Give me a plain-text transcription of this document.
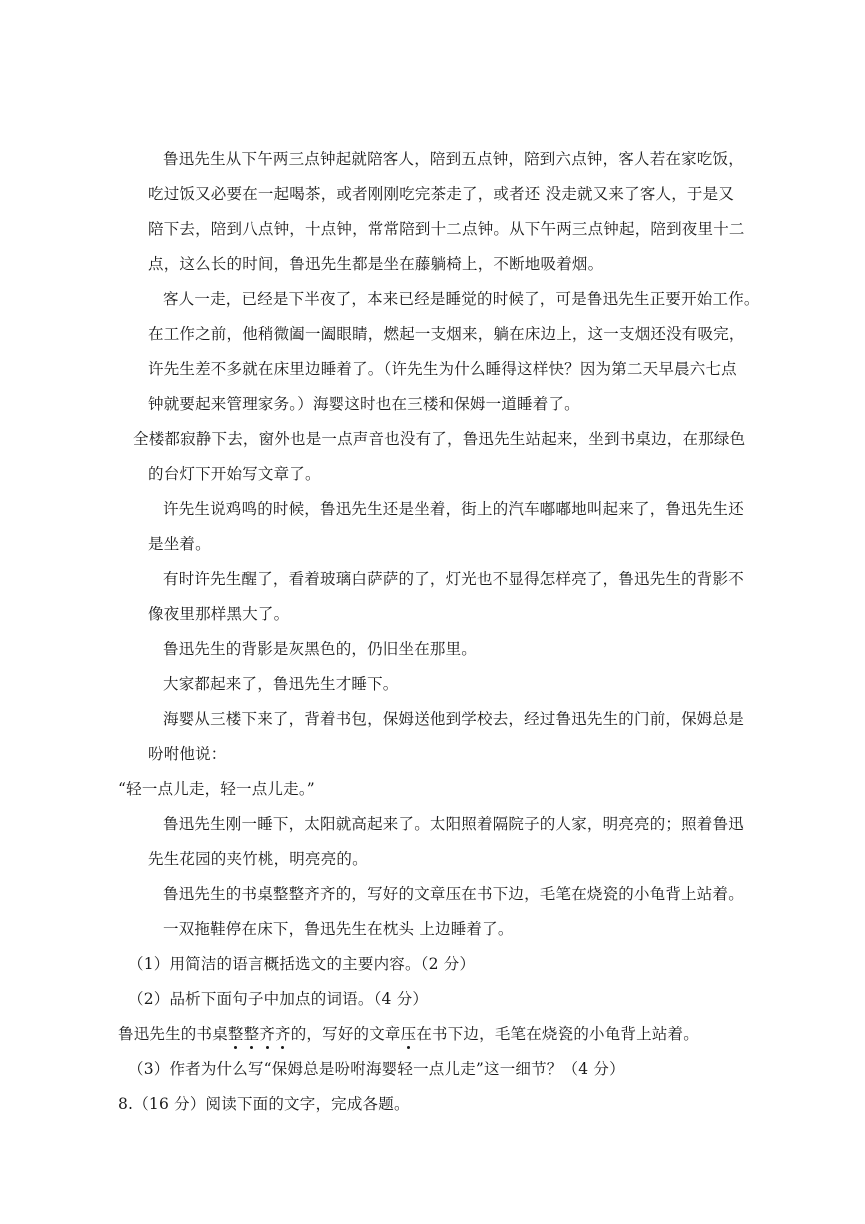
鲁迅先生从下午两三点钟起就陪客人，陪到五点钟，陪到六点钟，客人若在家吃饭，
吃过饭又必要在一起喝茶，或者刚刚吃完茶走了，或者还 没走就又来了客人，于是又
陪下去，陪到八点钟，十点钟，常常陪到十二点钟。从下午两三点钟起，陪到夜里十二
点，这么长的时间，鲁迅先生都是坐在藤躺椅上，不断地吸着烟。
客人一走，已经是下半夜了，本来已经是睡觉的时候了，可是鲁迅先生正要开始工作。
在工作之前，他稍微阖一阖眼睛，燃起一支烟来，躺在床边上，这一支烟还没有吸完，
许先生差不多就在床里边睡着了。（许先生为什么睡得这样快？因为第二天早晨六七点
钟就要起来管理家务。）海婴这时也在三楼和保姆一道睡着了。
全楼都寂静下去，窗外也是一点声音也没有了，鲁迅先生站起来，坐到书桌边，在那绿色
的台灯下开始写文章了。
许先生说鸡鸣的时候，鲁迅先生还是坐着，街上的汽车嘟嘟地叫起来了，鲁迅先生还
是坐着。
有时许先生醒了，看着玻璃白萨萨的了，灯光也不显得怎样亮了，鲁迅先生的背影不
像夜里那样黑大了。
鲁迅先生的背影是灰黑色的，仍旧坐在那里。
大家都起来了，鲁迅先生才睡下。
海婴从三楼下来了，背着书包，保姆送他到学校去，经过鲁迅先生的门前，保姆总是
吩咐他说：
“轻一点儿走，轻一点儿走。”
鲁迅先生刚一睡下，太阳就高起来了。太阳照着隔院子的人家，明亮亮的；照着鲁迅
先生花园的夹竹桃，明亮亮的。
鲁迅先生的书桌整整齐齐的，写好的文章压在书下边，毛笔在烧瓷的小龟背上站着。
一双拖鞋停在床下，鲁迅先生在枕头 上边睡着了。
（1）用简洁的语言概括选文的主要内容。（2 分）
（2）品析下面句子中加点的词语。（4 分）
鲁迅先生的书桌整
整
齐
齐
的，写好的文章压
在书下边，毛笔在烧瓷的小龟背上站着。
（3）作者为什么写“保姆总是吩咐海婴轻一点儿走”这一细节？（4 分）
8.（16 分）阅读下面的文字，完成各题。
